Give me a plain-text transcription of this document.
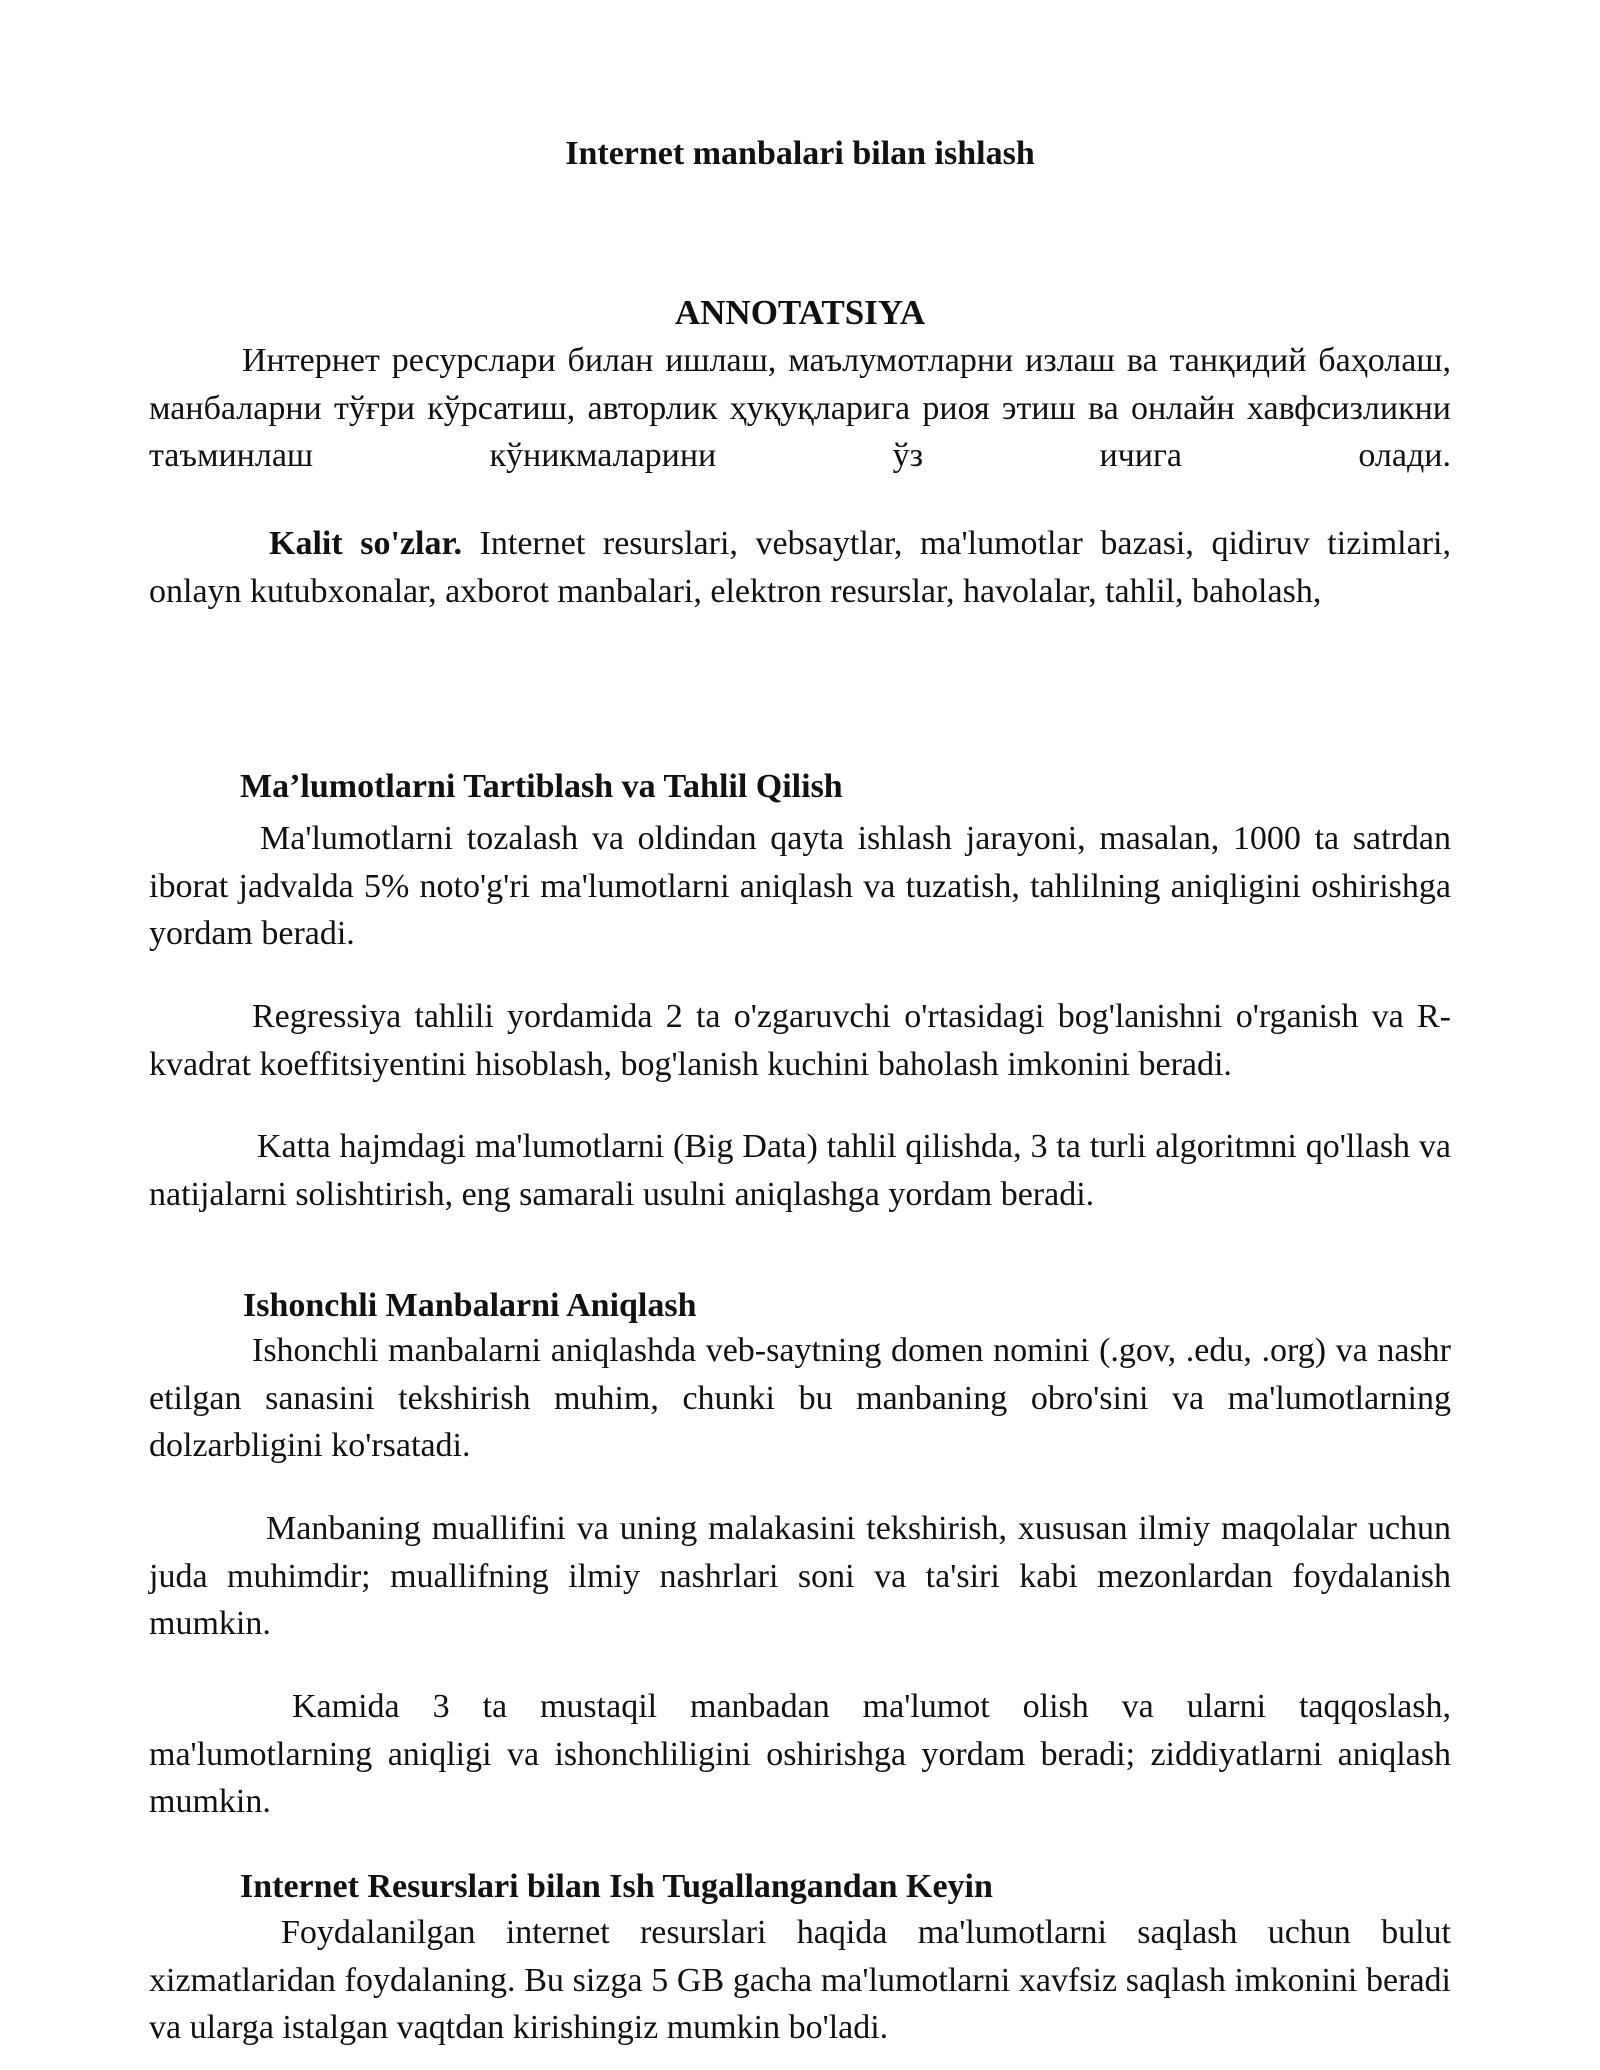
Internet manbalari bilan ishlash
ANNOTATSIYA

Интернет ресурслари билан ишлаш, маълумотларни излаш ва танқидий баҳолаш, манбаларни тўғри кўрсатиш, авторлик ҳуқуқларига риоя этиш ва онлайн хавфсизликни таъминлаш кўникмаларини ўз ичига олади.

Kalit so'zlar. Internet resurslari, vebsaytlar, ma'lumotlar bazasi, qidiruv tizimlari, onlayn kutubxonalar, axborot manbalari, elektron resurslar, havolalar, tahlil, baholash,

Ma’lumotlarni Tartiblash va Tahlil Qilish

Ma'lumotlarni tozalash va oldindan qayta ishlash jarayoni, masalan, 1000 ta satrdan iborat jadvalda 5% noto'g'ri ma'lumotlarni aniqlash va tuzatish, tahlilning aniqligini oshirishga yordam beradi.

Regressiya tahlili yordamida 2 ta o'zgaruvchi o'rtasidagi bog'lanishni o'rganish va R-kvadrat koeffitsiyentini hisoblash, bog'lanish kuchini baholash imkonini beradi.

Katta hajmdagi ma'lumotlarni (Big Data) tahlil qilishda, 3 ta turli algoritmni qo'llash va natijalarni solishtirish, eng samarali usulni aniqlashga yordam beradi.

Ishonchli Manbalarni Aniqlash

Ishonchli manbalarni aniqlashda veb-saytning domen nomini (.gov, .edu, .org) va nashr etilgan sanasini tekshirish muhim, chunki bu manbaning obro'sini va ma'lumotlarning dolzarbligini ko'rsatadi.

Manbaning muallifini va uning malakasini tekshirish, xususan ilmiy maqolalar uchun juda muhimdir; muallifning ilmiy nashrlari soni va ta'siri kabi mezonlardan foydalanish mumkin.

Kamida 3 ta mustaqil manbadan ma'lumot olish va ularni taqqoslash, ma'lumotlarning aniqligi va ishonchliligini oshirishga yordam beradi; ziddiyatlarni aniqlash mumkin.

Internet Resurslari bilan Ish Tugallangandan Keyin

Foydalanilgan internet resurslari haqida ma'lumotlarni saqlash uchun bulut xizmatlaridan foydalaning. Bu sizga 5 GB gacha ma'lumotlarni xavfsiz saqlash imkonini beradi va ularga istalgan vaqtdan kirishingiz mumkin bo'ladi.
